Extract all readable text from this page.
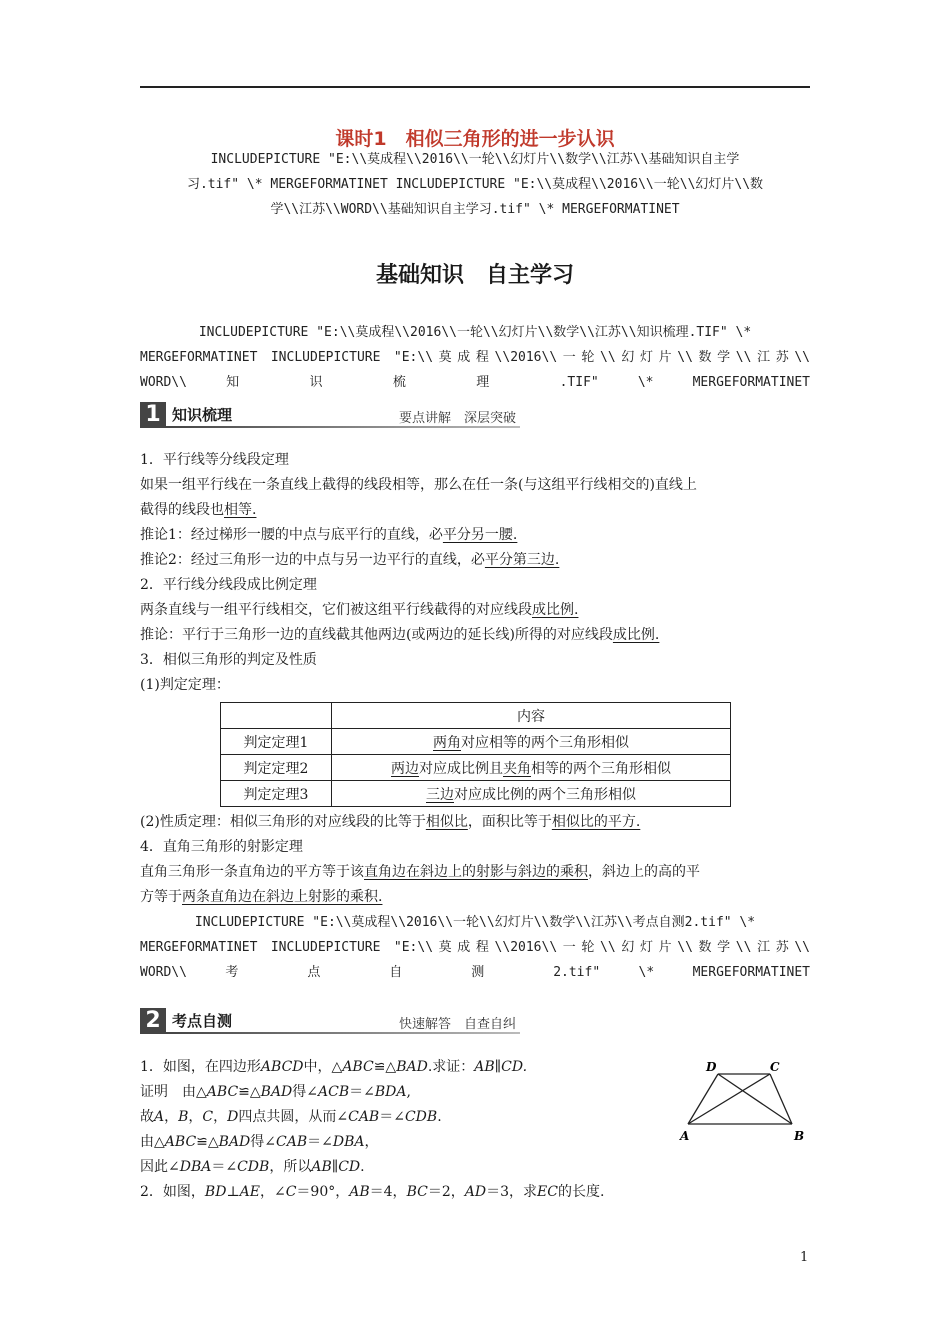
课时1　相似三角形的进一步认识
INCLUDEPICTURE "E:\\莫成程\\2016\\一轮\\幻灯片\\数学\\江苏\\基础知识自主学
习.tif" \* MERGEFORMATINET INCLUDEPICTURE "E:\\莫成程\\2016\\一轮\\幻灯片\\数
学\\江苏\\WORD\\基础知识自主学习.tif" \* MERGEFORMATINET
基础知识　自主学习
INCLUDEPICTURE "E:\\莫成程\\2016\\一轮\\幻灯片\\数学\\江苏\\知识梳理.TIF" \*
MERGEFORMATINET INCLUDEPICTURE "E:\\莫成程\\2016\\一轮\\幻灯片\\数学\\江苏\\
WORD\\ 知 识 梳 理 .TIF" \* MERGEFORMATINET
1 知识梳理	要点讲解　深层突破
1．平行线等分线段定理
如果一组平行线在一条直线上截得的线段相等，那么在任一条(与这组平行线相交的)直线上
截得的线段也相等.
推论1：经过梯形一腰的中点与底平行的直线，必平分另一腰.
推论2：经过三角形一边的中点与另一边平行的直线，必平分第三边.
2．平行线分线段成比例定理
两条直线与一组平行线相交，它们被这组平行线截得的对应线段成比例.
推论：平行于三角形一边的直线截其他两边(或两边的延长线)所得的对应线段成比例.
3．相似三角形的判定及性质
(1)判定定理：
	内容
判定定理1	两角对应相等的两个三角形相似
判定定理2	两边对应成比例且夹角相等的两个三角形相似
判定定理3	三边对应成比例的两个三角形相似
(2)性质定理：相似三角形的对应线段的比等于相似比，面积比等于相似比的平方.
4．直角三角形的射影定理
直角三角形一条直角边的平方等于该直角边在斜边上的射影与斜边的乘积，斜边上的高的平
方等于两条直角边在斜边上射影的乘积.
INCLUDEPICTURE "E:\\莫成程\\2016\\一轮\\幻灯片\\数学\\江苏\\考点自测2.tif" \*
MERGEFORMATINET INCLUDEPICTURE "E:\\莫成程\\2016\\一轮\\幻灯片\\数学\\江苏\\
WORD\\ 考 点 自 测 2.tif" \* MERGEFORMATINET
2 考点自测	快速解答　自查自纠
1．如图，在四边形ABCD中，△ABC≌△BAD.求证：AB∥CD.
证明　由△ABC≌△BAD得∠ACB＝∠BDA,
故A，B，C，D四点共圆，从而∠CAB＝∠CDB.
由△ABC≌△BAD得∠CAB＝∠DBA，
因此∠DBA＝∠CDB，所以AB∥CD.
2．如图，BD⊥AE，∠C＝90°，AB＝4，BC＝2，AD＝3，求EC的长度.
A	B
C
D
1
